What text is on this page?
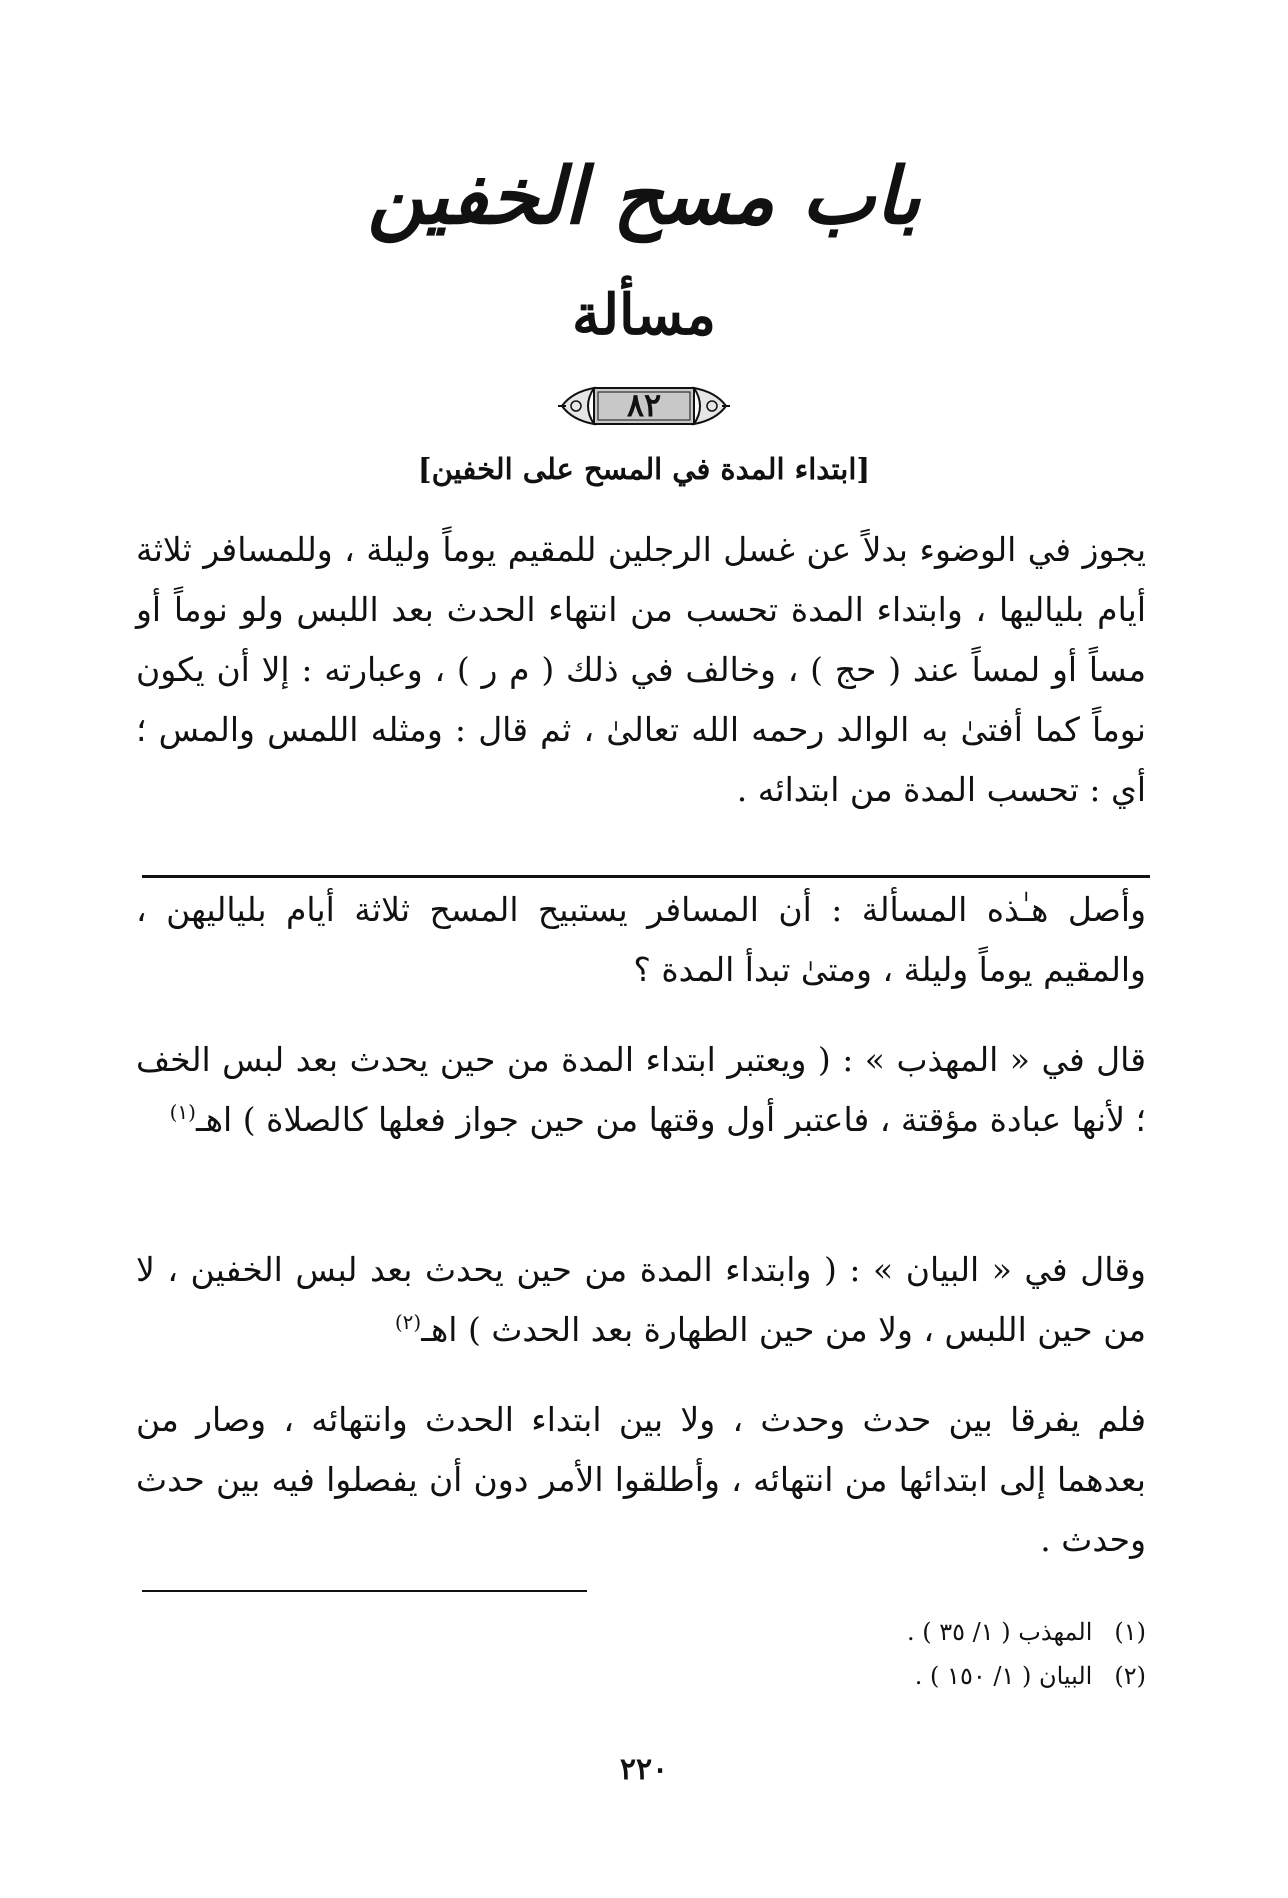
باب مسح الخفين
مسألة
٨٢
[ابتداء المدة في المسح على الخفين]

يجوز في الوضوء بدلاً عن غسل الرجلين للمقيم يوماً وليلة ، وللمسافر ثلاثة أيام بلياليها ، وابتداء المدة تحسب من انتهاء الحدث بعد اللبس ولو نوماً أو مساً أو لمساً عند ( حج ) ، وخالف في ذلك ( م ر ) ، وعبارته : إلا أن يكون نوماً كما أفتىٰ به الوالد رحمه الله تعالىٰ ، ثم قال : ومثله اللمس والمس ؛ أي : تحسب المدة من ابتدائه .

وأصل هـٰذه المسألة : أن المسافر يستبيح المسح ثلاثة أيام بلياليهن ، والمقيم يوماً وليلة ، ومتىٰ تبدأ المدة ؟

قال في « المهذب » : ( ويعتبر ابتداء المدة من حين يحدث بعد لبس الخف ؛ لأنها عبادة مؤقتة ، فاعتبر أول وقتها من حين جواز فعلها كالصلاة ) اهـ$^{(١)}$

وقال في « البيان » : ( وابتداء المدة من حين يحدث بعد لبس الخفين ، لا من حين اللبس ، ولا من حين الطهارة بعد الحدث ) اهـ$^{(٢)}$

فلم يفرقا بين حدث وحدث ، ولا بين ابتداء الحدث وانتهائه ، وصار من بعدهما إلى ابتدائها من انتهائه ، وأطلقوا الأمر دون أن يفصلوا فيه بين حدث وحدث .

(١)
المهذب ( ١/ ٣٥ ) .
(٢)
البيان ( ١/ ١٥٠ ) .
٢٢٠
